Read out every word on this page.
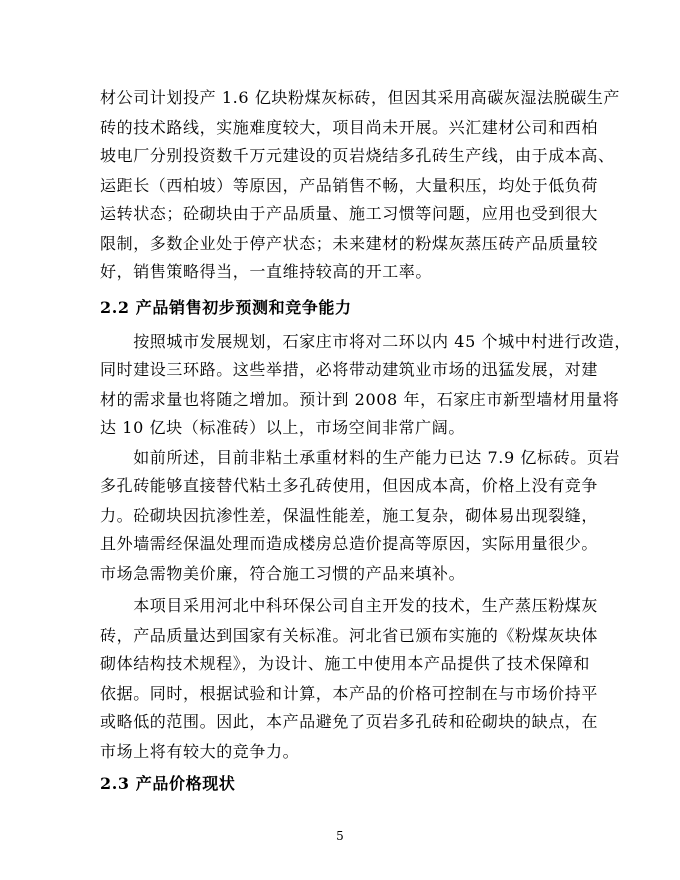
材公司计划投产 1.6 亿块粉煤灰标砖，但因其采用高碳灰湿法脱碳生产
砖的技术路线，实施难度较大，项目尚未开展。兴汇建材公司和西柏
坡电厂分别投资数千万元建设的页岩烧结多孔砖生产线，由于成本高、
运距长（西柏坡）等原因，产品销售不畅，大量积压，均处于低负荷
运转状态；砼砌块由于产品质量、施工习惯等问题，应用也受到很大
限制，多数企业处于停产状态；未来建材的粉煤灰蒸压砖产品质量较
好，销售策略得当，一直维持较高的开工率。
2.2 产品销售初步预测和竞争能力
　　按照城市发展规划，石家庄市将对二环以内 45 个城中村进行改造，
同时建设三环路。这些举措，必将带动建筑业市场的迅猛发展，对建
材的需求量也将随之增加。预计到 2008 年，石家庄市新型墙材用量将
达 10 亿块（标准砖）以上，市场空间非常广阔。
　　如前所述，目前非粘土承重材料的生产能力已达 7.9 亿标砖。页岩
多孔砖能够直接替代粘土多孔砖使用，但因成本高，价格上没有竞争
力。砼砌块因抗渗性差，保温性能差，施工复杂，砌体易出现裂缝，
且外墙需经保温处理而造成楼房总造价提高等原因，实际用量很少。
市场急需物美价廉，符合施工习惯的产品来填补。
　　本项目采用河北中科环保公司自主开发的技术，生产蒸压粉煤灰
砖，产品质量达到国家有关标准。河北省已颁布实施的《粉煤灰块体
砌体结构技术规程》，为设计、施工中使用本产品提供了技术保障和
依据。同时，根据试验和计算，本产品的价格可控制在与市场价持平
或略低的范围。因此，本产品避免了页岩多孔砖和砼砌块的缺点，在
市场上将有较大的竞争力。
2.3 产品价格现状
5
